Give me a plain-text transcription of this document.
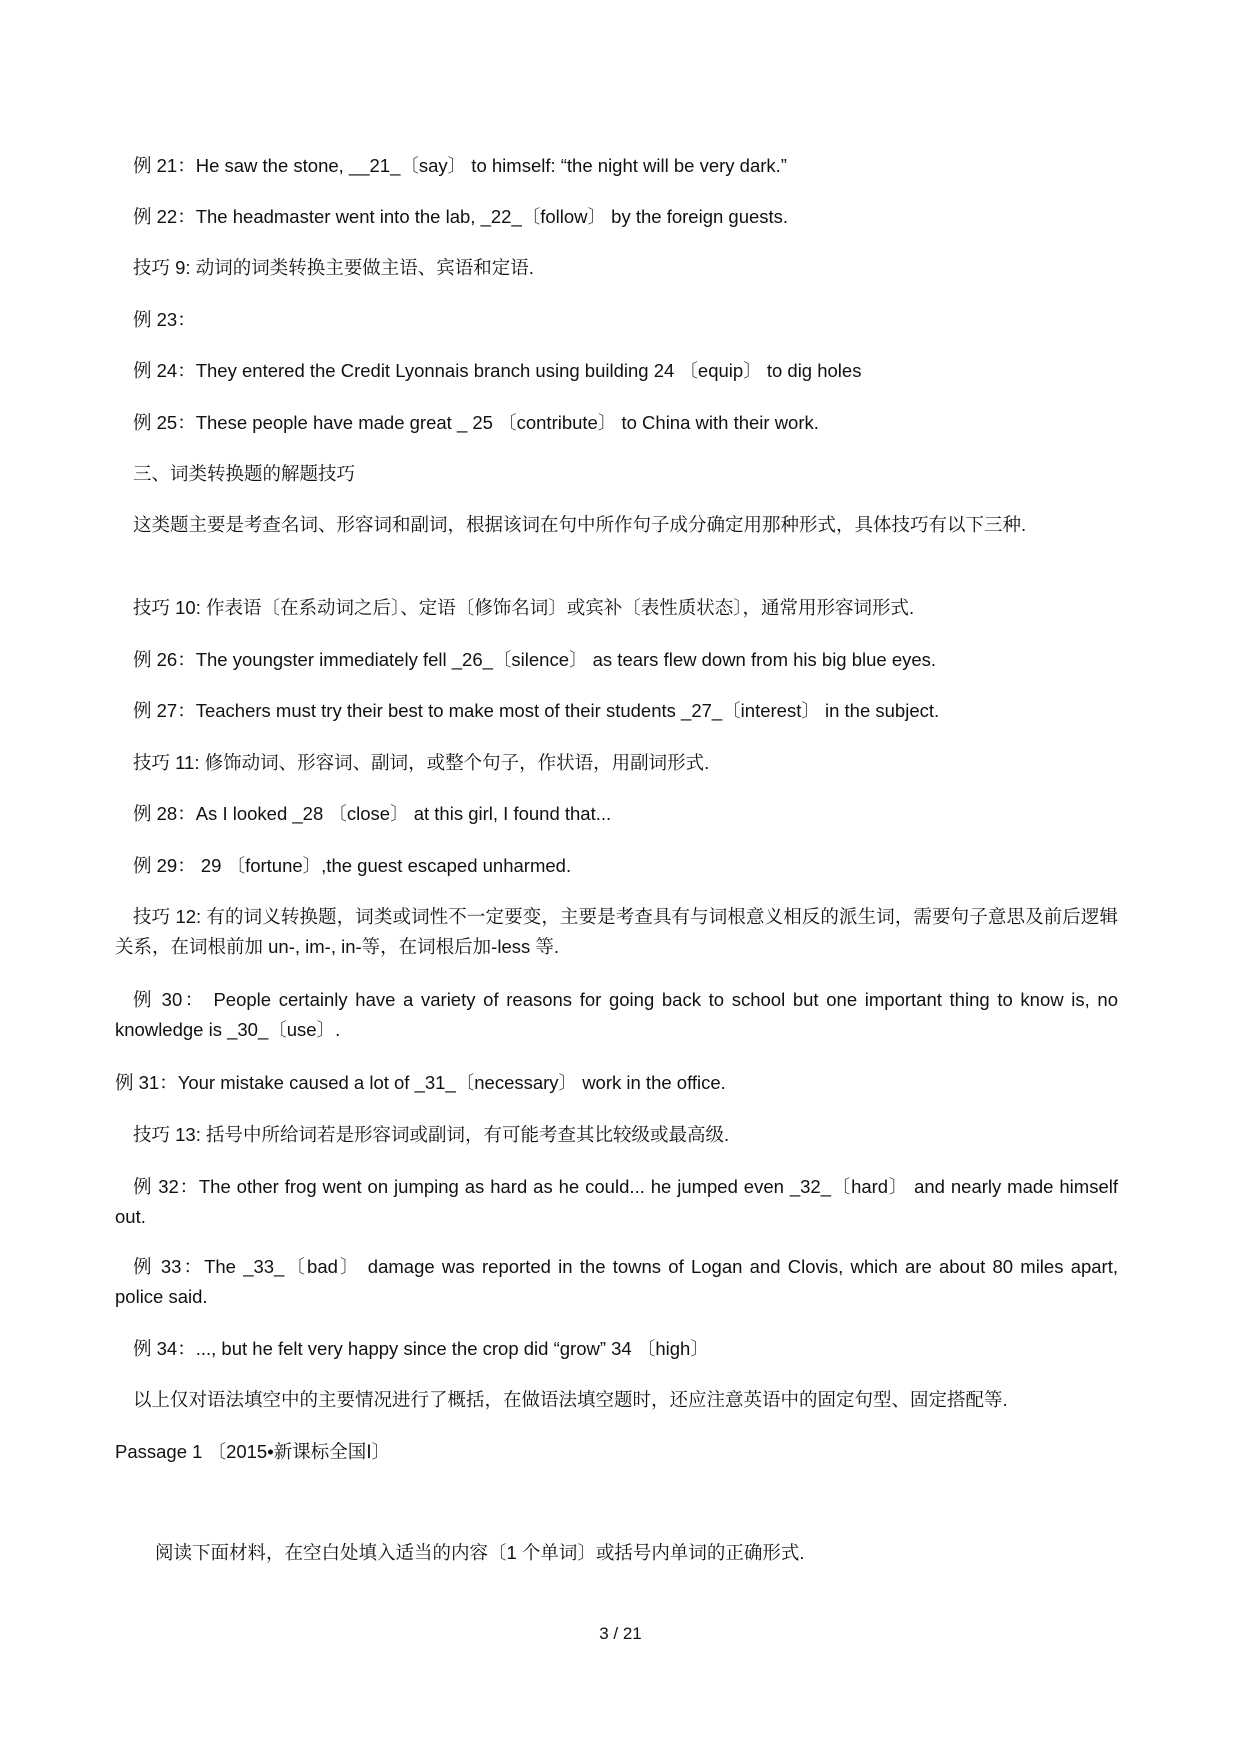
例 21：He saw the stone, __21_〔say〕 to himself: “the night will be very dark.”
例 22：The headmaster went into the lab, _22_〔follow〕 by the foreign guests.
技巧 9: 动词的词类转换主要做主语、宾语和定语.
例 23：
例 24：They entered the Credit Lyonnais branch using building 24 〔equip〕 to dig holes
例 25：These people have made great _ 25 〔contribute〕 to China with their work.
三、词类转换题的解题技巧
这类题主要是考查名词、形容词和副词，根据该词在句中所作句子成分确定用那种形式，具体技巧有以下三种.
技巧 10: 作表语〔在系动词之后〕、定语〔修饰名词〕或宾补〔表性质状态〕，通常用形容词形式.
例 26：The youngster immediately fell _26_〔silence〕 as tears flew down from his big blue eyes.
例 27：Teachers must try their best to make most of their students _27_〔interest〕 in the subject.
技巧 11: 修饰动词、形容词、副词，或整个句子，作状语，用副词形式.
例 28：As I looked _28 〔close〕 at this girl, I found that...
例 29： 29 〔fortune〕,the guest escaped unharmed.
技巧 12: 有的词义转换题，词类或词性不一定要变，主要是考查具有与词根意义相反的派生词，需要句子意思及前后逻辑关系，在词根前加 un-, im-, in-等，在词根后加-less 等.
例 30： People certainly have a variety of reasons for going back to school but one important thing to know is, no knowledge is _30_〔use〕.
例 31：Your mistake caused a lot of _31_〔necessary〕 work in the office.
技巧 13: 括号中所给词若是形容词或副词，有可能考查其比较级或最高级.
例 32：The other frog went on jumping as hard as he could... he jumped even _32_〔hard〕 and nearly made himself out.
例 33：The _33_〔bad〕 damage was reported in the towns of Logan and Clovis, which are about 80 miles apart, police said.
例 34：..., but he felt very happy since the crop did “grow” 34 〔high〕
以上仅对语法填空中的主要情况进行了概括，在做语法填空题时，还应注意英语中的固定句型、固定搭配等.
Passage 1 〔2015•新课标全国Ⅰ〕
阅读下面材料，在空白处填入适当的内容〔1 个单词〕或括号内单词的正确形式.
3 / 21
